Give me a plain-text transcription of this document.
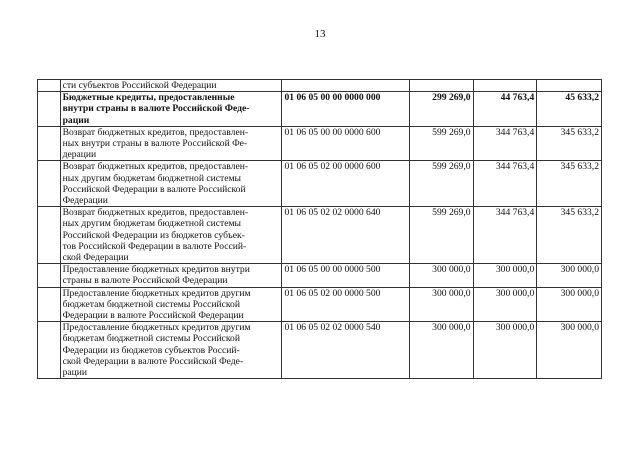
13

	сти субъектов Российской Федерации				

	Бюджетные кредиты, предоставленные
внутри страны в валюте Российской Феде-
рации	01 06 05 00 00 0000 000	299 269,0	44 763,4	45 633,2

	Возврат бюджетных кредитов, предоставлен-
ных внутри страны в валюте Российской Фе-
дерации	01 06 05 00 00 0000 600	599 269,0	344 763,4	345 633,2

	Возврат бюджетных кредитов, предоставлен-
ных другим бюджетам бюджетной системы
Российской Федерации в валюте Российской
Федерации	01 06 05 02 00 0000 600	599 269,0	344 763,4	345 633,2

	Возврат бюджетных кредитов, предоставлен-
ных другим бюджетам бюджетной системы
Российской Федерации из бюджетов субъек-
тов Российской Федерации в валюте Россий-
ской Федерации	01 06 05 02 02 0000 640	599 269,0	344 763,4	345 633,2

	Предоставление бюджетных кредитов внутри
страны в валюте Российской Федерации	01 06 05 00 00 0000 500	300 000,0	300 000,0	300 000,0

	Предоставление бюджетных кредитов другим
бюджетам бюджетной системы Российской
Федерации в валюте Российской Федерации	01 06 05 02 00 0000 500	300 000,0	300 000,0	300 000,0

	Предоставление бюджетных кредитов другим
бюджетам бюджетной системы Российской
Федерации из бюджетов субъектов Россий-
ской Федерации в валюте Российской Феде-
рации	01 06 05 02 02 0000 540	300 000,0	300 000,0	300 000,0
